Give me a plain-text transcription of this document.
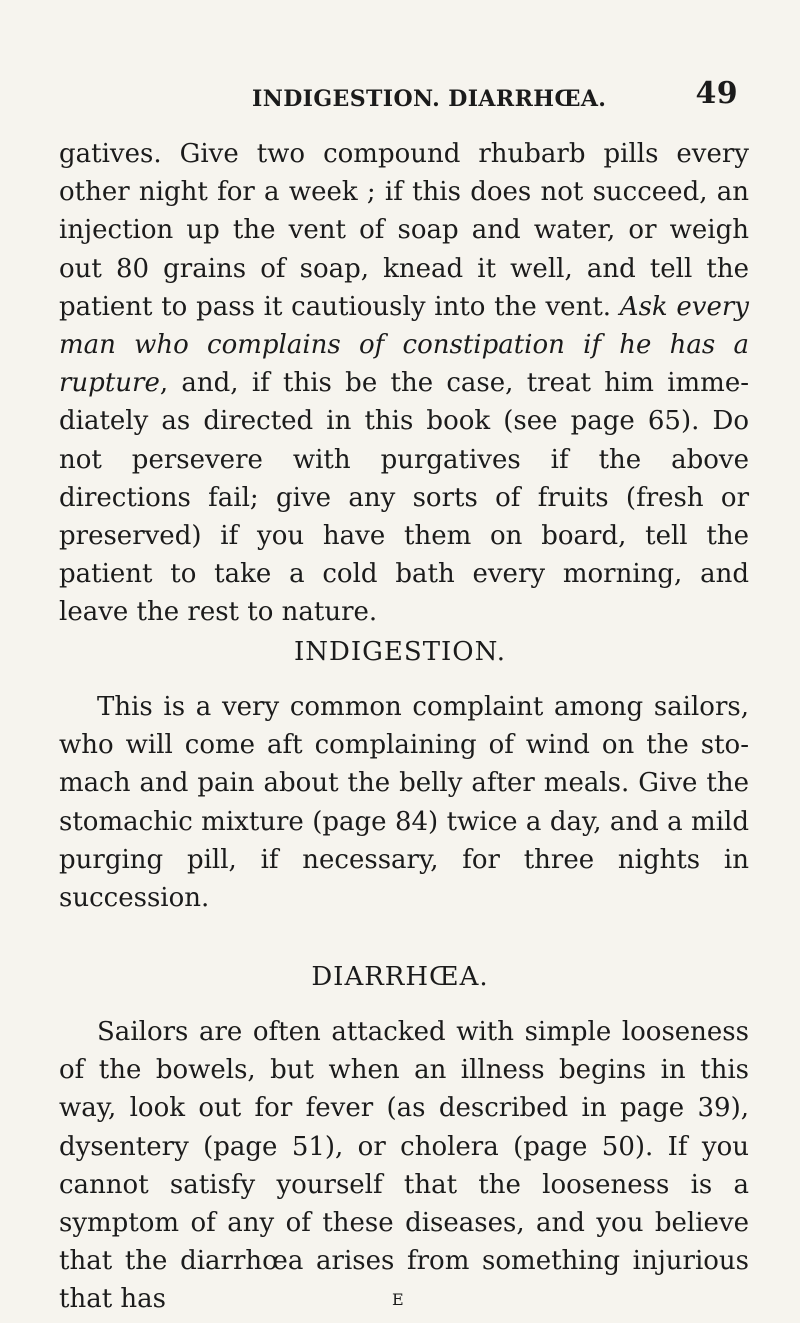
INDIGESTION. DIARRHŒA.	49

gatives. Give two compound rhubarb pills every other night for a week ; if this does not succeed, an injection up the vent of soap and water, or weigh out 80 grains of soap, knead it well, and tell the patient to pass it cautiously into the vent. Ask every man who complains of constipation if he has a rupture, and, if this be the case, treat him imme-diately as directed in this book (see page 65). Do not persevere with purgatives if the above directions fail; give any sorts of fruits (fresh or preserved) if you have them on board, tell the patient to take a cold bath every morning, and leave the rest to nature.

INDIGESTION.

This is a very common complaint among sailors, who will come aft complaining of wind on the sto-mach and pain about the belly after meals. Give the stomachic mixture (page 84) twice a day, and a mild purging pill, if necessary, for three nights in succession.

DIARRHŒA.

Sailors are often attacked with simple looseness of the bowels, but when an illness begins in this way, look out for fever (as described in page 39), dysentery (page 51), or cholera (page 50). If you cannot satisfy yourself that the looseness is a symptom of any of these diseases, and you believe that the diarrhœa arises from something injurious that has	E
